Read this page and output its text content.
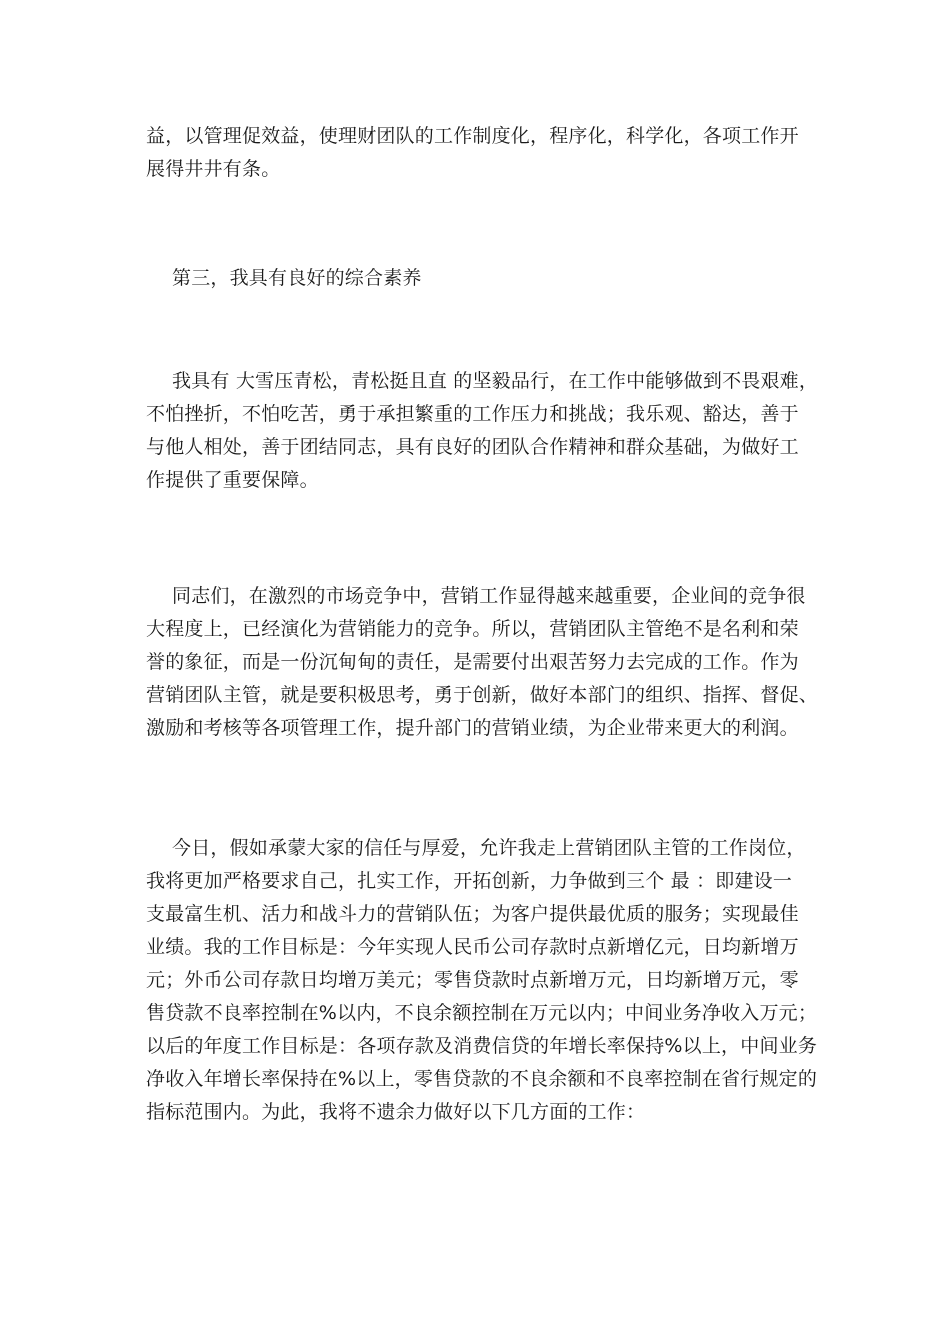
益，以管理促效益，使理财团队的工作制度化，程序化，科学化，各项工作开
展得井井有条。
第三，我具有良好的综合素养
我具有 大雪压青松，青松挺且直 的坚毅品行，在工作中能够做到不畏艰难，
不怕挫折，不怕吃苦，勇于承担繁重的工作压力和挑战；我乐观、豁达，善于
与他人相处，善于团结同志，具有良好的团队合作精神和群众基础，为做好工
作提供了重要保障。
同志们，在激烈的市场竞争中，营销工作显得越来越重要，企业间的竞争很
大程度上，已经演化为营销能力的竞争。所以，营销团队主管绝不是名利和荣
誉的象征，而是一份沉甸甸的责任，是需要付出艰苦努力去完成的工作。作为
营销团队主管，就是要积极思考，勇于创新，做好本部门的组织、指挥、督促、
激励和考核等各项管理工作，提升部门的营销业绩，为企业带来更大的利润。
今日，假如承蒙大家的信任与厚爱，允许我走上营销团队主管的工作岗位，
我将更加严格要求自己，扎实工作，开拓创新，力争做到三个 最 ：即建设一
支最富生机、活力和战斗力的营销队伍；为客户提供最优质的服务；实现最佳
业绩。我的工作目标是：今年实现人民币公司存款时点新增亿元，日均新增万
元；外币公司存款日均增万美元；零售贷款时点新增万元，日均新增万元，零
售贷款不良率控制在%以内，不良余额控制在万元以内；中间业务净收入万元；
以后的年度工作目标是：各项存款及消费信贷的年增长率保持%以上，中间业务
净收入年增长率保持在%以上，零售贷款的不良余额和不良率控制在省行规定的
指标范围内。为此，我将不遗余力做好以下几方面的工作：
